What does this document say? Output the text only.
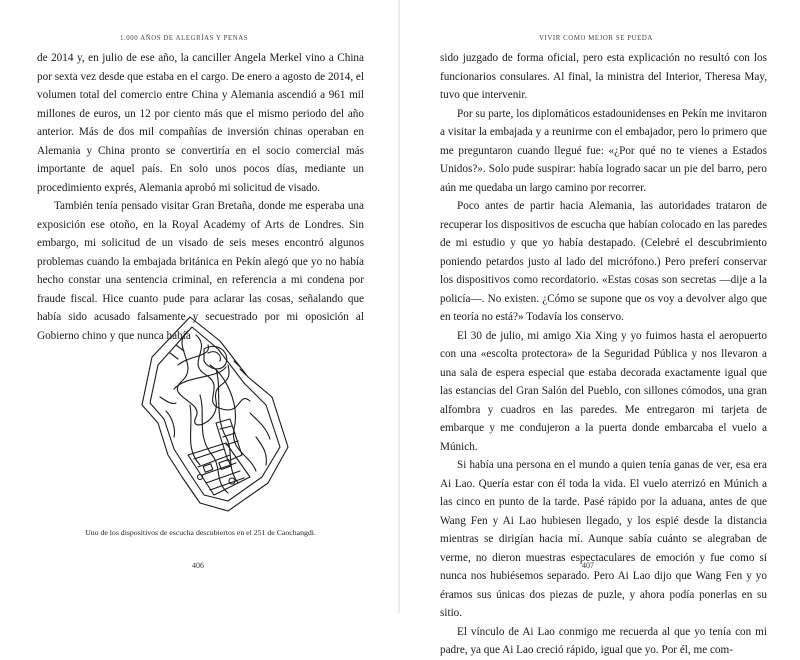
1.000 AÑOS DE ALEGRÍAS Y PENAS

de 2014 y, en julio de ese año, la canciller Angela Merkel vino a China por sexta vez desde que estaba en el cargo. De enero a agosto de 2014, el volumen total del comercio entre China y Alemania ascendió a 961 mil millones de euros, un 12 por ciento más que el mismo periodo del año anterior. Más de dos mil compañías de inversión chinas operaban en Alemania y China pronto se convertiría en el socio comercial más importante de aquel país. En solo unos pocos días, mediante un procedimiento exprés, Alemania aprobó mi solicitud de visado.

También tenía pensado visitar Gran Bretaña, donde me esperaba una exposición ese otoño, en la Royal Academy of Arts de Londres. Sin embargo, mi solicitud de un visado de seis meses encontró algunos problemas cuando la embajada británica en Pekín alegó que yo no había hecho constar una sentencia criminal, en referencia a mi condena por fraude fiscal. Hice cuanto pude para aclarar las cosas, señalando que había sido acusado falsamente y secuestrado por mi oposición al Gobierno chino y que nunca había

Uno de los dispositivos de escucha descubiertos en el 251 de Caochangdi.
406
VIVIR COMO MEJOR SE PUEDA

sido juzgado de forma oficial, pero esta explicación no resultó con los funcionarios consulares. Al final, la ministra del Interior, Theresa May, tuvo que intervenir.

Por su parte, los diplomáticos estadounidenses en Pekín me invitaron a visitar la embajada y a reunirme con el embajador, pero lo primero que me preguntaron cuando llegué fue: «¿Por qué no te vienes a Estados Unidos?». Solo pude suspirar: había logrado sacar un pie del barro, pero aún me quedaba un largo camino por recorrer.

Poco antes de partir hacia Alemania, las autoridades trataron de recuperar los dispositivos de escucha que habían colocado en las paredes de mi estudio y que yo había destapado. (Celebré el descubrimiento poniendo petardos justo al lado del micrófono.) Pero preferí conservar los dispositivos como recordatorio. «Estas cosas son secretas —dije a la policía—. No existen. ¿Cómo se supone que os voy a devolver algo que en teoría no está?» Todavía los conservo.

El 30 de julio, mi amigo Xia Xing y yo fuimos hasta el aeropuerto con una «escolta protectora» de la Seguridad Pública y nos llevaron a una sala de espera especial que estaba decorada exactamente igual que las estancias del Gran Salón del Pueblo, con sillones cómodos, una gran alfombra y cuadros en las paredes. Me entregaron mi tarjeta de embarque y me condujeron a la puerta donde embarcaba el vuelo a Múnich.

Si había una persona en el mundo a quien tenía ganas de ver, esa era Ai Lao. Quería estar con él toda la vida. El vuelo aterrizó en Múnich a las cinco en punto de la tarde. Pasé rápido por la aduana, antes de que Wang Fen y Ai Lao hubiesen llegado, y los espié desde la distancia mientras se dirigían hacia mí. Aunque sabía cuánto se alegraban de verme, no dieron muestras espectaculares de emoción y fue como si nunca nos hubiésemos separado. Pero Ai Lao dijo que Wang Fen y yo éramos sus únicas dos piezas de puzle, y ahora podía ponerlas en su sitio.

El vínculo de Ai Lao conmigo me recuerda al que yo tenía con mi padre, ya que Ai Lao creció rápido, igual que yo. Por él, me com-

407
